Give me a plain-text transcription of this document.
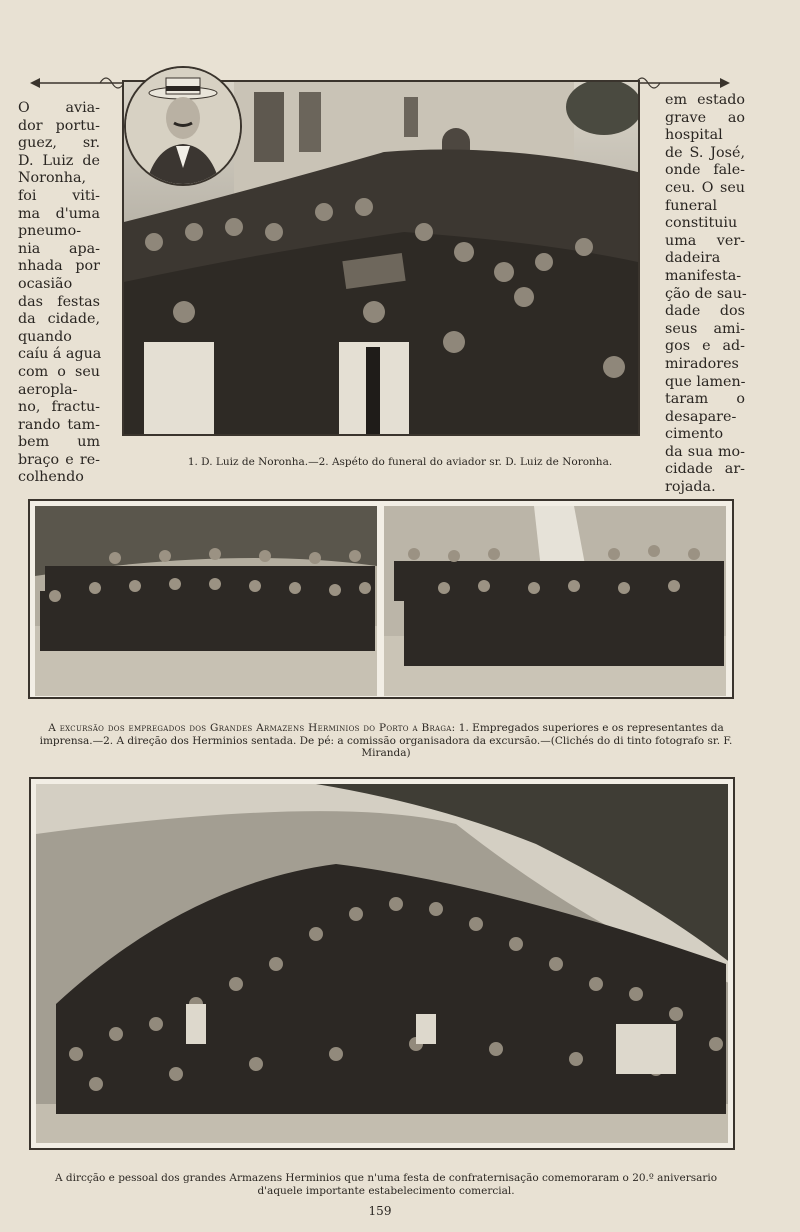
O avia-
dor portu-
guez, sr.
D. Luiz de
Noronha,
foi viti-
ma d'uma
pneumo-
nia apa-
nhada por
ocasião
das festas
da cidade,
quando
caíu á agua
com o seu
aeropla-
no, fractu-
rando tam-
bem um
braço e re-
colhendo
em estado
grave ao
hospital
de S. José,
onde fale-
ceu. O seu
funeral
constituiu
uma ver-
dadeira
manifesta-
ção de sau-
dade dos
seus ami-
gos e ad-
miradores
que lamen-
taram o
desapare-
cimento
da sua mo-
cidade ar-
rojada.
1. D. Luiz de Noronha.—2. Aspéto do funeral do aviador sr. D. Luiz de Noronha.
A excursão dos empregados dos Grandes Armazens Herminios do Porto a Braga: 1. Empregados superiores e os representantes da imprensa.—2. A direção dos Herminios sentada. De pé: a comissão organisadora da excursão.—(Clichés do di tinto fotografo sr. F. Miranda)
A dircção e pessoal dos grandes Armazens Herminios que n'uma festa de confraternisação comemoraram o 20.º aniversario d'aquele importante estabelecimento comercial.
159
